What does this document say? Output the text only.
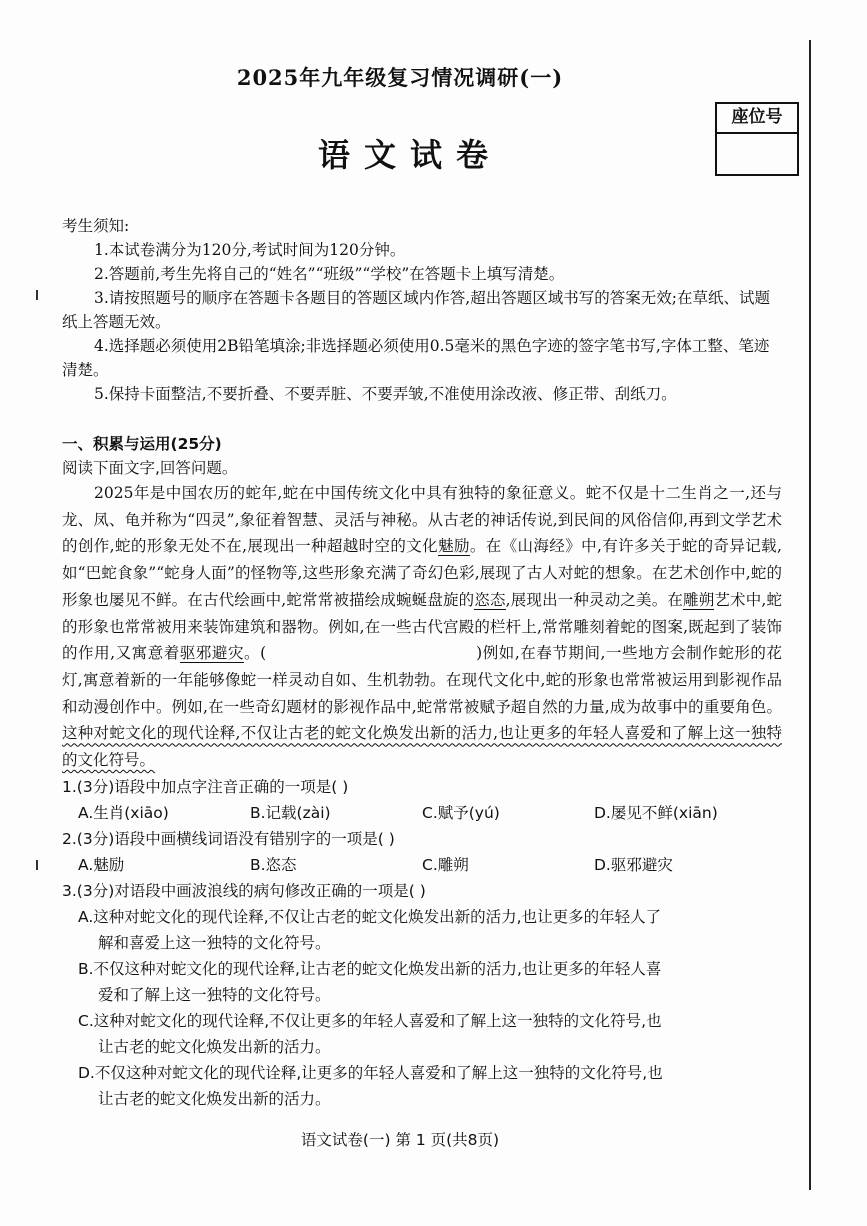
2025年九年级复习情况调研(一)
语文试卷
座位号

考生须知:

1.本试卷满分为120分,考试时间为120分钟。

2.答题前,考生先将自己的“姓名”“班级”“学校”在答题卡上填写清楚。

3.请按照题号的顺序在答题卡各题目的答题区域内作答,超出答题区域书写的答案无效;在草纸、试题纸上答题无效。

4.选择题必须使用2B铅笔填涂;非选择题必须使用0.5毫米的黑色字迹的签字笔书写,字体工整、笔迹清楚。

5.保持卡面整洁,不要折叠、不要弄脏、不要弄皱,不准使用涂改液、修正带、刮纸刀。

一、积累与运用(25分)

阅读下面文字,回答问题。

2025年是中国农历的蛇年,蛇在中国传统文化中具有独特的象征意义。蛇不仅是十二生肖之一,还与龙、凤、龟并称为“四灵”,象征着智慧、灵活与神秘。从古老的神话传说,到民间的风俗信仰,再到文学艺术的创作,蛇的形象无处不在,展现出一种超越时空的文化魅励。在《山海经》中,有许多关于蛇的奇异记载,如“巴蛇食象”“蛇身人面”的怪物等,这些形象充满了奇幻色彩,展现了古人对蛇的想象。在艺术创作中,蛇的形象也屡见不鲜。在古代绘画中,蛇常常被描绘成蜿蜒盘旋的恣态,展现出一种灵动之美。在雕朔艺术中,蛇的形象也常常被用来装饰建筑和器物。例如,在一些古代宫殿的栏杆上,常常雕刻着蛇的图案,既起到了装饰的作用,又寓意着驱邪避灾。(	)例如,在春节期间,一些地方会制作蛇形的花灯,寓意着新的一年能够像蛇一样灵动自如、生机勃勃。在现代文化中,蛇的形象也常常被运用到影视作品和动漫创作中。例如,在一些奇幻题材的影视作品中,蛇常常被赋予超自然的力量,成为故事中的重要角色。这种对蛇文化的现代诠释,不仅让古老的蛇文化焕发出新的活力,也让更多的年轻人喜爱和了解上这一独特的文化符号。

1.(3分)语段中加点字注音正确的一项是( )

A.生肖(xiāo)	B.记载(zài)	C.赋予(yú)	D.屡见不鲜(xiān)

2.(3分)语段中画横线词语没有错别字的一项是( )

A.魅励	B.恣态	C.雕朔	D.驱邪避灾

3.(3分)对语段中画波浪线的病句修改正确的一项是( )

A.这种对蛇文化的现代诠释,不仅让古老的蛇文化焕发出新的活力,也让更多的年轻人了
解和喜爱上这一独特的文化符号。

B.不仅这种对蛇文化的现代诠释,让古老的蛇文化焕发出新的活力,也让更多的年轻人喜
爱和了解上这一独特的文化符号。

C.这种对蛇文化的现代诠释,不仅让更多的年轻人喜爱和了解上这一独特的文化符号,也
让古老的蛇文化焕发出新的活力。

D.不仅这种对蛇文化的现代诠释,让更多的年轻人喜爱和了解上这一独特的文化符号,也
让古老的蛇文化焕发出新的活力。

语文试卷(一) 第 1 页(共8页)
